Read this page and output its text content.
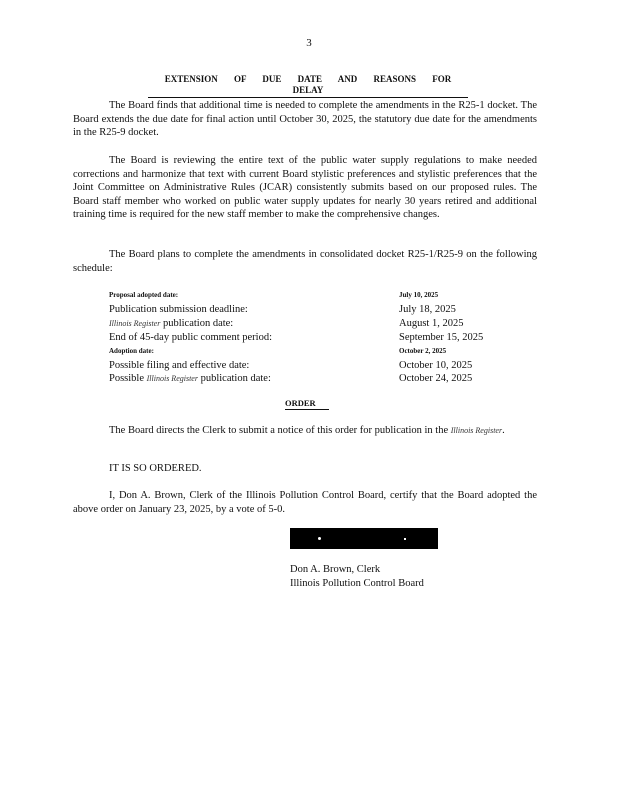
3
EXTENSION OF DUE DATE AND REASONS FOR DELAY
The Board finds that additional time is needed to complete the amendments in the R25-1 docket. The Board extends the due date for final action until October 30, 2025, the statutory due date for the amendments in the R25-9 docket.
The Board is reviewing the entire text of the public water supply regulations to make needed corrections and harmonize that text with current Board stylistic preferences and stylistic preferences that the Joint Committee on Administrative Rules (JCAR) consistently submits based on our proposed rules. The Board staff member who worked on public water supply updates for nearly 30 years retired and additional training time is required for the new staff member to make the comprehensive changes.
The Board plans to complete the amendments in consolidated docket R25-1/R25-9 on the following schedule:
Proposal adopted date:	July 10, 2025
Publication submission deadline:	July 18, 2025
Illinois Register publication date:	August 1, 2025
End of 45-day public comment period:	September 15, 2025
Adoption date:	October 2, 2025
Possible filing and effective date:	October 10, 2025
Possible Illinois Register publication date:	October 24, 2025
ORDER
The Board directs the Clerk to submit a notice of this order for publication in the Illinois Register.
IT IS SO ORDERED.
I, Don A. Brown, Clerk of the Illinois Pollution Control Board, certify that the Board adopted the above order on January 23, 2025, by a vote of 5-0.
Don A. Brown, Clerk
Illinois Pollution Control Board
